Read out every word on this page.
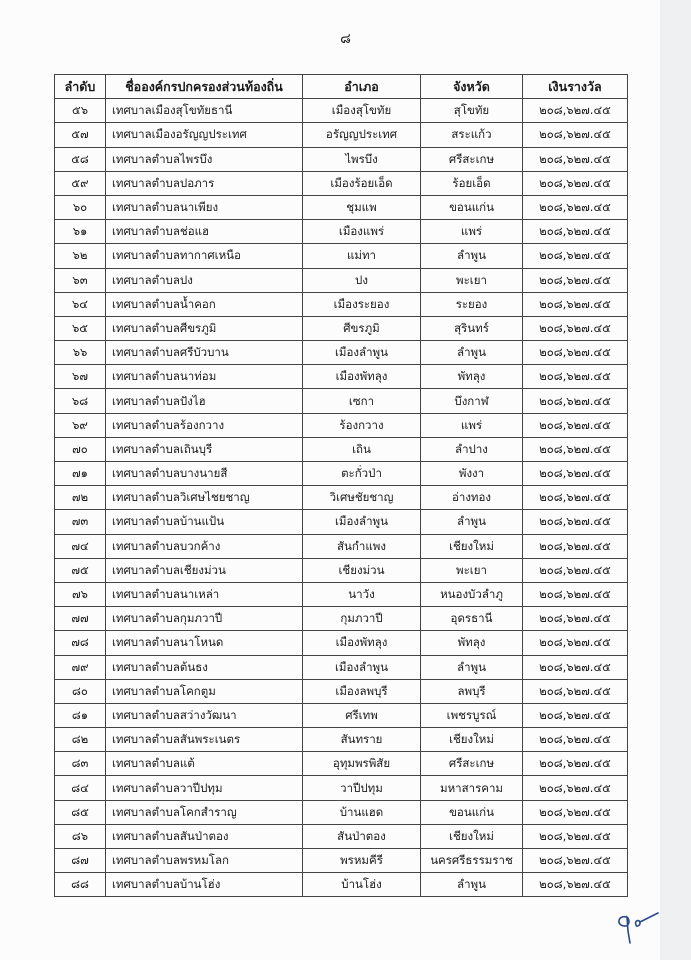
๘
ลำดับ	ชื่อองค์กรปกครองส่วนท้องถิ่น	อำเภอ	จังหวัด	เงินรางวัล
๕๖	เทศบาลเมืองสุโขทัยธานี	เมืองสุโขทัย	สุโขทัย	๒๐๘,๖๒๗.๔๕
๕๗	เทศบาลเมืองอรัญญประเทศ	อรัญญประเทศ	สระแก้ว	๒๐๘,๖๒๗.๔๕
๕๘	เทศบาลตำบลไพรบึง	ไพรบึง	ศรีสะเกษ	๒๐๘,๖๒๗.๔๕
๕๙	เทศบาลตำบลปอภาร	เมืองร้อยเอ็ด	ร้อยเอ็ด	๒๐๘,๖๒๗.๔๕
๖๐	เทศบาลตำบลนาเพียง	ชุมแพ	ขอนแก่น	๒๐๘,๖๒๗.๔๕
๖๑	เทศบาลตำบลช่อแฮ	เมืองแพร่	แพร่	๒๐๘,๖๒๗.๔๕
๖๒	เทศบาลตำบลทากาศเหนือ	แม่ทา	ลำพูน	๒๐๘,๖๒๗.๔๕
๖๓	เทศบาลตำบลปง	ปง	พะเยา	๒๐๘,๖๒๗.๔๕
๖๔	เทศบาลตำบลน้ำคอก	เมืองระยอง	ระยอง	๒๐๘,๖๒๗.๔๕
๖๕	เทศบาลตำบลศีขรภูมิ	ศีขรภูมิ	สุรินทร์	๒๐๘,๖๒๗.๔๕
๖๖	เทศบาลตำบลศรีบัวบาน	เมืองลำพูน	ลำพูน	๒๐๘,๖๒๗.๔๕
๖๗	เทศบาลตำบลนาท่อม	เมืองพัทลุง	พัทลุง	๒๐๘,๖๒๗.๔๕
๖๘	เทศบาลตำบลปังไฮ	เซกา	บึงกาฬ	๒๐๘,๖๒๗.๔๕
๖๙	เทศบาลตำบลร้องกวาง	ร้องกวาง	แพร่	๒๐๘,๖๒๗.๔๕
๗๐	เทศบาลตำบลเถินบุรี	เถิน	ลำปาง	๒๐๘,๖๒๗.๔๕
๗๑	เทศบาลตำบลบางนายสี	ตะกั่วป่า	พังงา	๒๐๘,๖๒๗.๔๕
๗๒	เทศบาลตำบลวิเศษไชยชาญ	วิเศษชัยชาญ	อ่างทอง	๒๐๘,๖๒๗.๔๕
๗๓	เทศบาลตำบลบ้านแป้น	เมืองลำพูน	ลำพูน	๒๐๘,๖๒๗.๔๕
๗๔	เทศบาลตำบลบวกค้าง	สันกำแพง	เชียงใหม่	๒๐๘,๖๒๗.๔๕
๗๕	เทศบาลตำบลเชียงม่วน	เชียงม่วน	พะเยา	๒๐๘,๖๒๗.๔๕
๗๖	เทศบาลตำบลนาเหล่า	นาวัง	หนองบัวลำภู	๒๐๘,๖๒๗.๔๕
๗๗	เทศบาลตำบลกุมภวาปี	กุมภวาปี	อุดรธานี	๒๐๘,๖๒๗.๔๕
๗๘	เทศบาลตำบลนาโหนด	เมืองพัทลุง	พัทลุง	๒๐๘,๖๒๗.๔๕
๗๙	เทศบาลตำบลต้นธง	เมืองลำพูน	ลำพูน	๒๐๘,๖๒๗.๔๕
๘๐	เทศบาลตำบลโคกตูม	เมืองลพบุรี	ลพบุรี	๒๐๘,๖๒๗.๔๕
๘๑	เทศบาลตำบลสว่างวัฒนา	ศรีเทพ	เพชรบูรณ์	๒๐๘,๖๒๗.๔๕
๘๒	เทศบาลตำบลสันพระเนตร	สันทราย	เชียงใหม่	๒๐๘,๖๒๗.๔๕
๘๓	เทศบาลตำบลแต้	อุทุมพรพิสัย	ศรีสะเกษ	๒๐๘,๖๒๗.๔๕
๘๔	เทศบาลตำบลวาปีปทุม	วาปีปทุม	มหาสารคาม	๒๐๘,๖๒๗.๔๕
๘๕	เทศบาลตำบลโคกสำราญ	บ้านแฮด	ขอนแก่น	๒๐๘,๖๒๗.๔๕
๘๖	เทศบาลตำบลสันป่าตอง	สันป่าตอง	เชียงใหม่	๒๐๘,๖๒๗.๔๕
๘๗	เทศบาลตำบลพรหมโลก	พรหมคีรี	นครศรีธรรมราช	๒๐๘,๖๒๗.๔๕
๘๘	เทศบาลตำบลบ้านโฮ่ง	บ้านโฮ่ง	ลำพูน	๒๐๘,๖๒๗.๔๕
